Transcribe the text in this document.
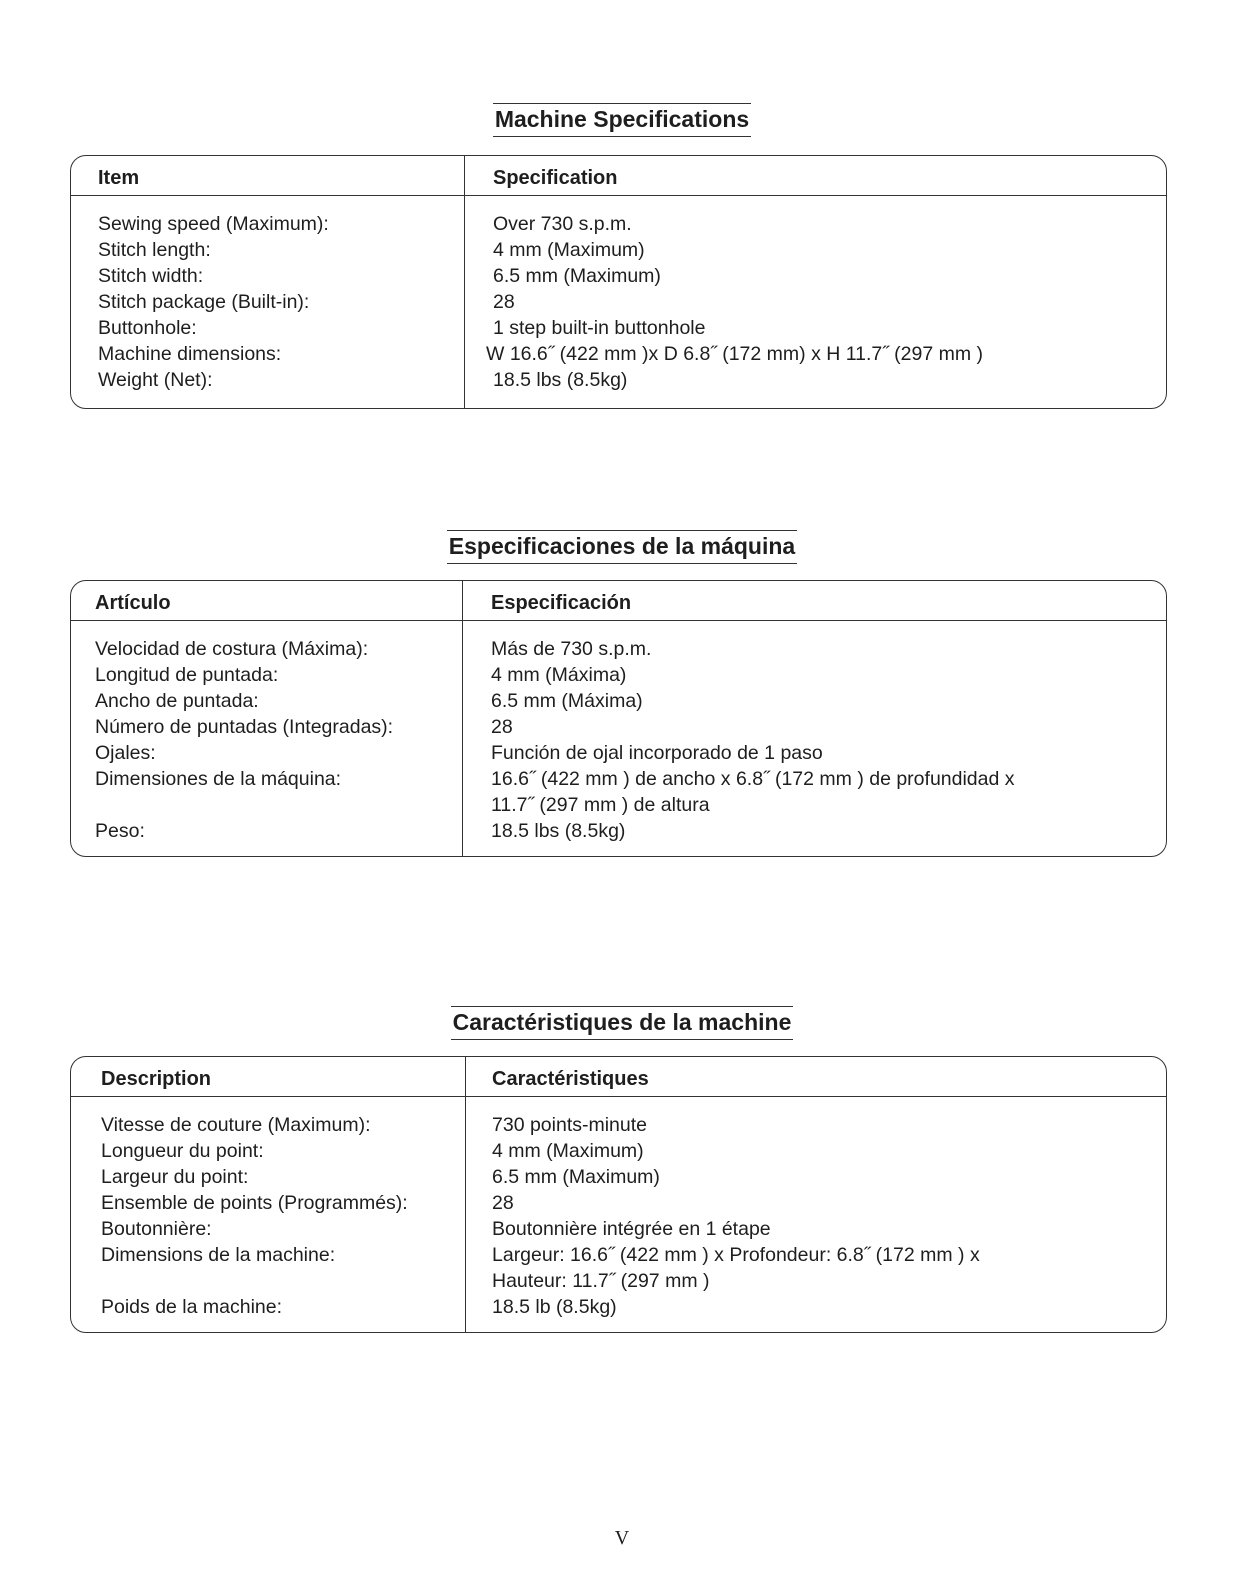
Machine Specifications
Item	Specification
Sewing speed (Maximum):	Over 730 s.p.m.
Stitch length:	4 mm (Maximum)
Stitch width:	6.5 mm (Maximum)
Stitch package (Built-in):	28
Buttonhole:	1 step built-in buttonhole
Machine dimensions:	W 16.6˝ (422 mm )x D 6.8˝ (172 mm) x H 11.7˝ (297 mm )
Weight (Net):	18.5 lbs (8.5kg)
Especificaciones de la máquina
Artículo	Especificación
Velocidad de costura (Máxima):	Más de 730 s.p.m.
Longitud de puntada:	4 mm (Máxima)
Ancho de puntada:	6.5 mm (Máxima)
Número de puntadas (Integradas):	28
Ojales:	Función de ojal incorporado de 1 paso
Dimensiones de la máquina:	16.6˝ (422 mm ) de ancho x 6.8˝ (172 mm ) de profundidad x
11.7˝ (297 mm ) de altura
Peso:	18.5 lbs (8.5kg)
Caractéristiques de la machine
Description	Caractéristiques
Vitesse de couture (Maximum):	730 points-minute
Longueur du point:	4 mm (Maximum)
Largeur du point:	6.5 mm (Maximum)
Ensemble de points (Programmés):	28
Boutonnière:	Boutonnière intégrée en 1 étape
Dimensions de la machine:	Largeur: 16.6˝ (422 mm ) x Profondeur: 6.8˝ (172 mm ) x
Hauteur: 11.7˝ (297 mm )
Poids de la machine:	18.5 lb (8.5kg)
V
